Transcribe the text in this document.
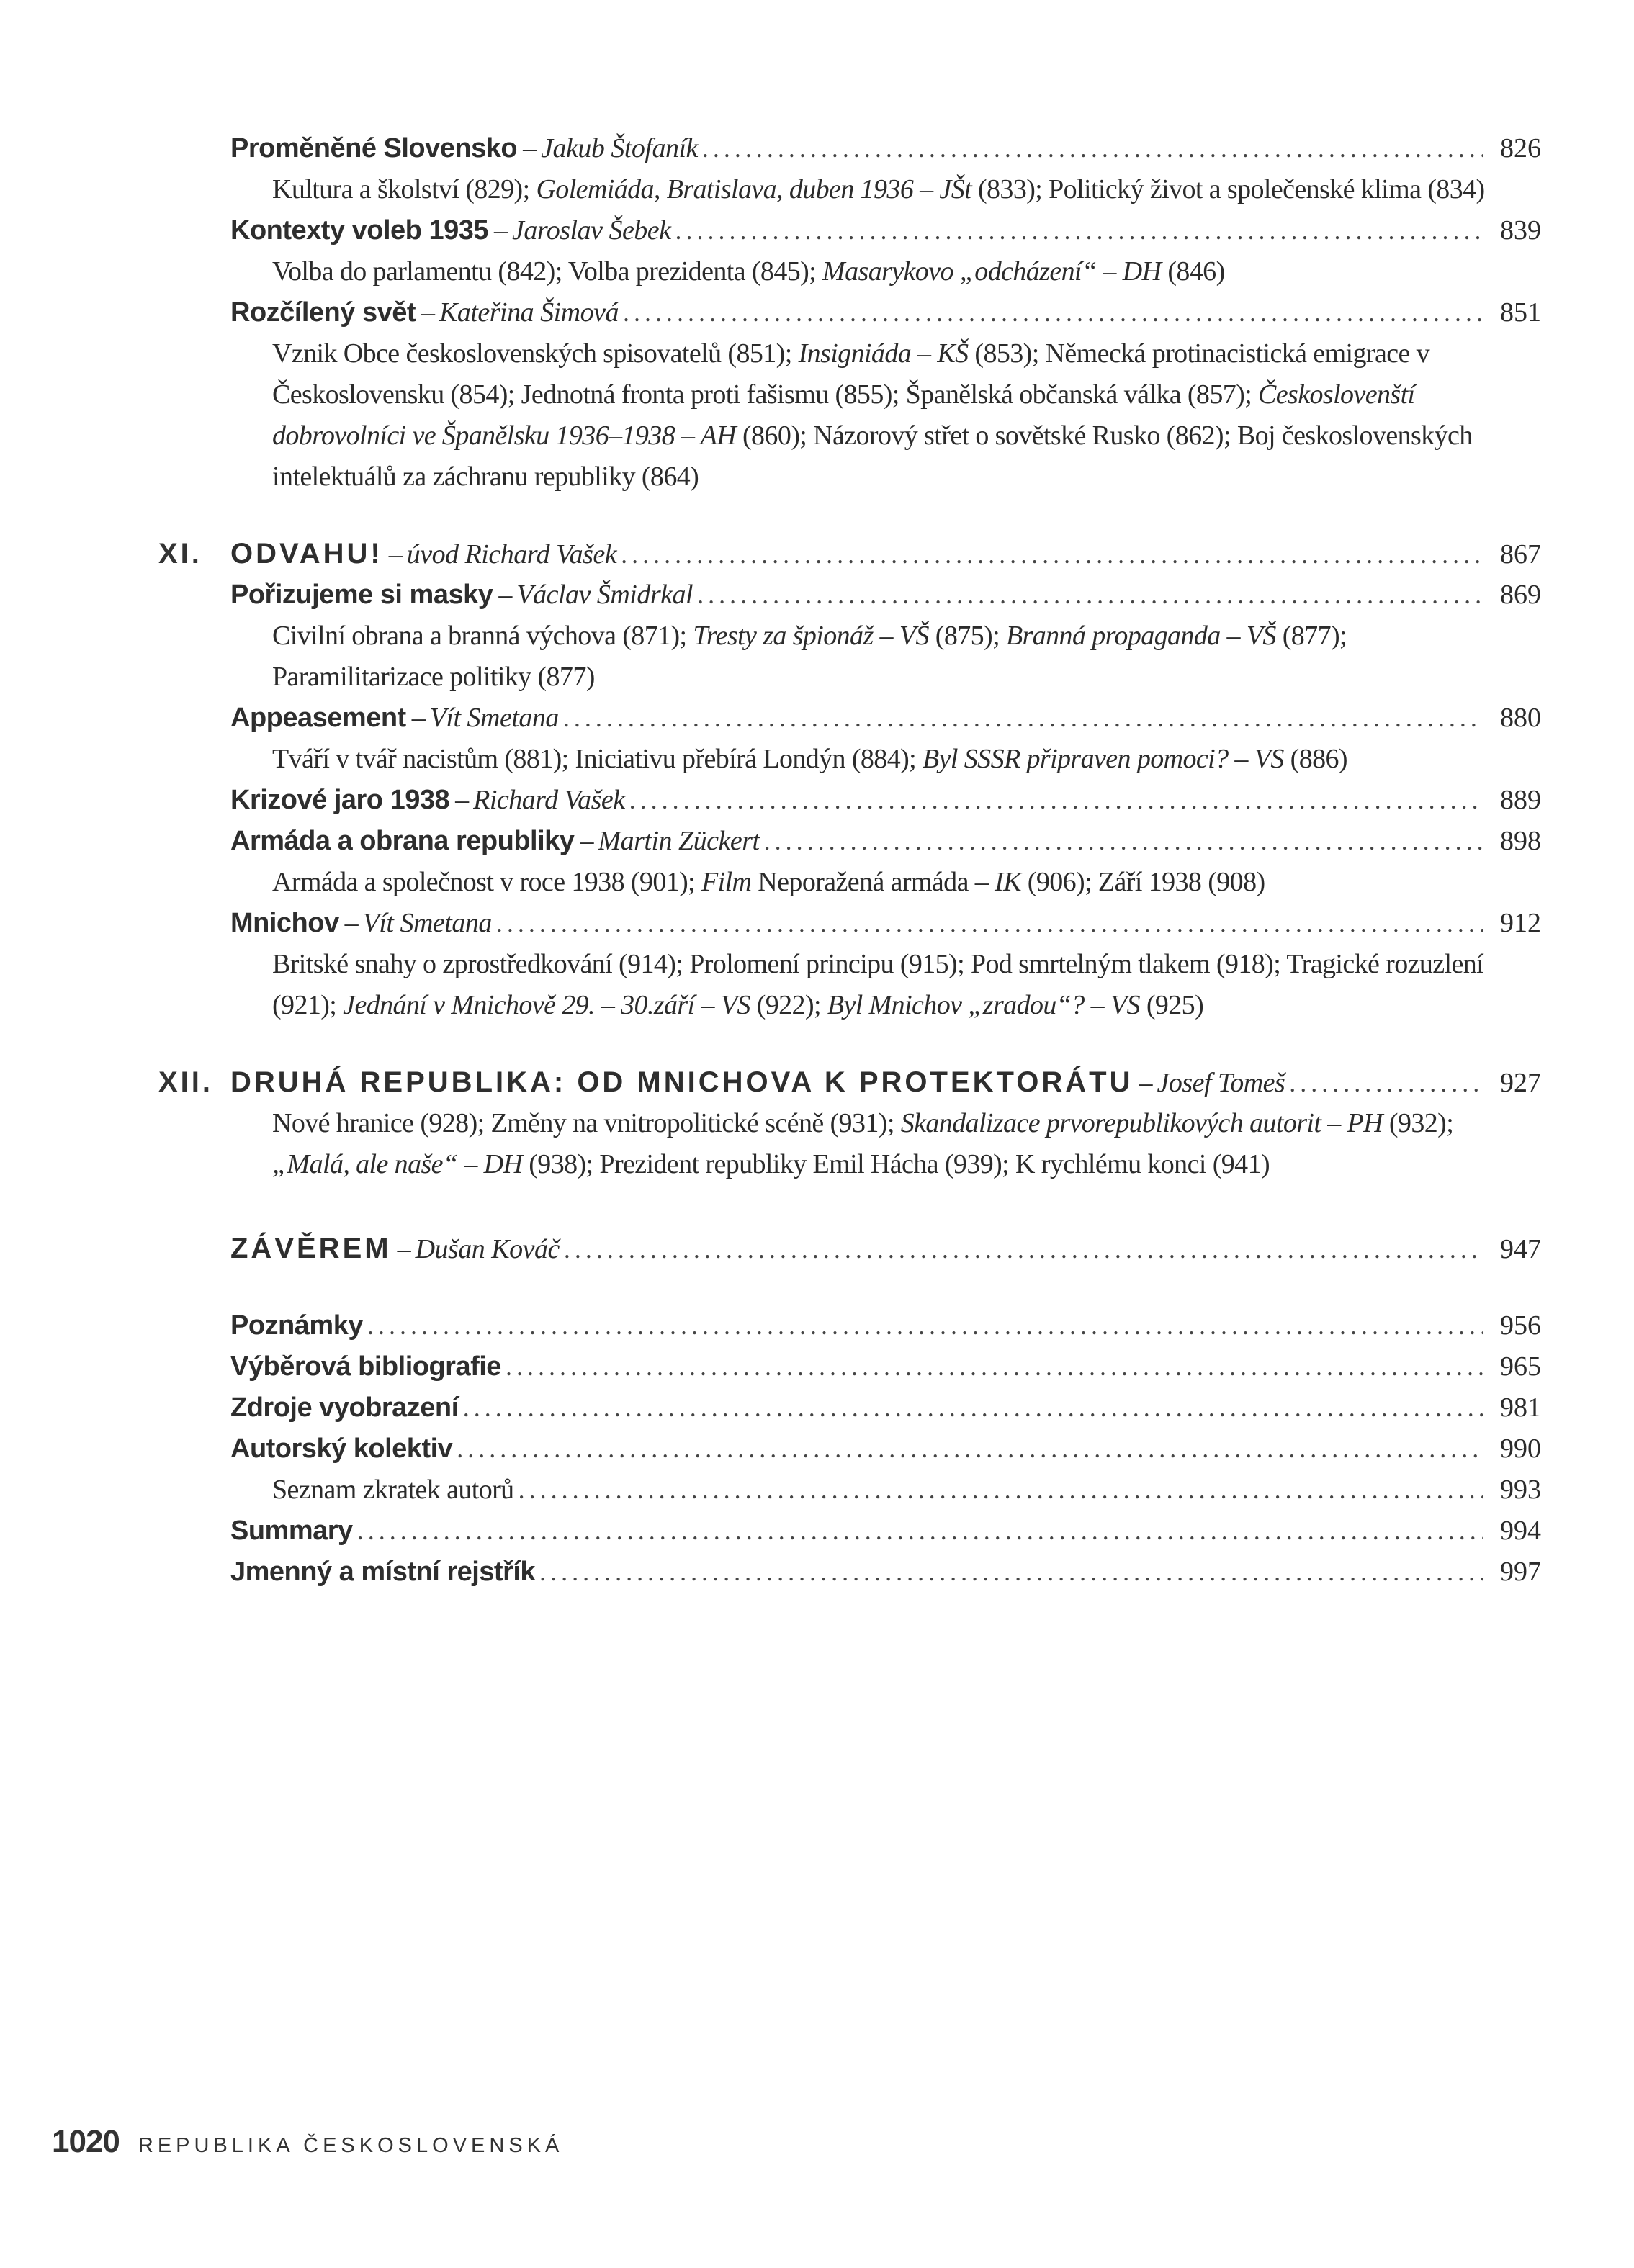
Proměněné Slovensko – Jakub Štofaník .....	826
Kultura a školství (829); Golemiáda, Bratislava, duben 1936 – JŠt (833); Politický život a společenské klima (834)
Kontexty voleb 1935 – Jaroslav Šebek .....	839
Volba do parlamentu (842); Volba prezidenta (845); Masarykovo „odcházení“ – DH (846)
Rozčílený svět – Kateřina Šimová .....	851
Vznik Obce československých spisovatelů (851); Insigniáda – KŠ (853); Německá protinacistická emigrace v Československu (854); Jednotná fronta proti fašismu (855); Španělská občanská válka (857); Českoslovenští dobrovolníci ve Španělsku 1936–1938 – AH (860); Názorový střet o sovětské Rusko (862); Boj československých intelektuálů za záchranu republiky (864)
XI. ODVAHU! – úvod Richard Vašek .....	867
Pořizujeme si masky – Václav Šmidrkal .....	869
Civilní obrana a branná výchova (871); Tresty za špionáž – VŠ (875); Branná propaganda – VŠ (877); Paramilitarizace politiky (877)
Appeasement – Vít Smetana .....	880
Tváří v tvář nacistům (881); Iniciativu přebírá Londýn (884); Byl SSSR připraven pomoci? – VS (886)
Krizové jaro 1938 – Richard Vašek .....	889
Armáda a obrana republiky – Martin Zückert .....	898
Armáda a společnost v roce 1938 (901); Film Neporažená armáda – IK (906); Září 1938 (908)
Mnichov – Vít Smetana .....	912
Britské snahy o zprostředkování (914); Prolomení principu (915); Pod smrtelným tlakem (918); Tragické rozuzlení (921); Jednání v Mnichově 29. – 30.září – VS (922); Byl Mnichov „zradou“? – VS (925)
XII. DRUHÁ REPUBLIKA: OD MNICHOVA K PROTEKTORÁTU – Josef Tomeš .....	927
Nové hranice (928); Změny na vnitropolitické scéně (931); Skandalizace prvorepublikových autorit – PH (932); „Malá, ale naše“ – DH (938); Prezident republiky Emil Hácha (939); K rychlému konci (941)
ZÁVĚREM – Dušan Kováč .....	947
Poznámky .....	956
Výběrová bibliografie .....	965
Zdroje vyobrazení .....	981
Autorský kolektiv .....	990
Seznam zkratek autorů .....	993
Summary .....	994
Jmenný a místní rejstřík .....	997
1020 REPUBLIKA ČESKOSLOVENSKÁ
